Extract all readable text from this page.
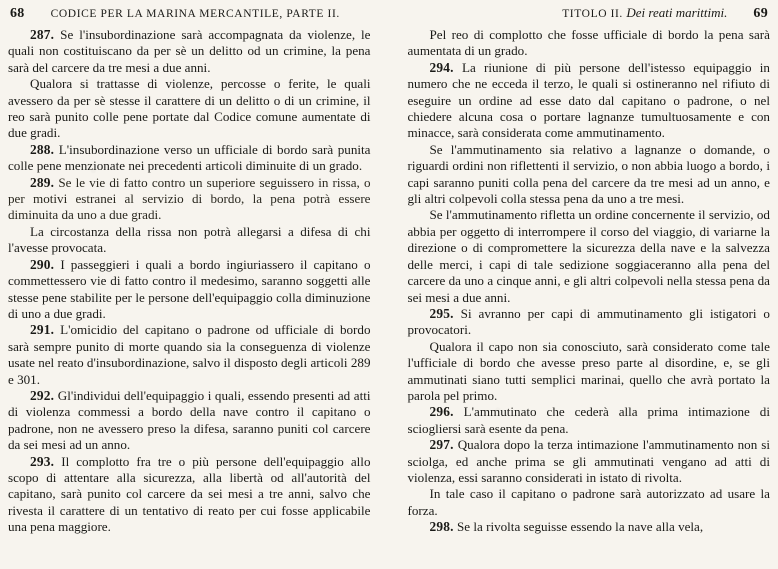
68 CODICE PER LA MARINA MERCANTILE, PARTE II.	TITOLO II. Dei reati marittimi. 69

287. Se l'insubordinazione sarà accompagnata da violenze, le quali non costituiscano da per sè un delitto od un crimine, la pena sarà del carcere da tre mesi a due anni.

Qualora si trattasse di violenze, percosse o ferite, le quali avessero da per sè stesse il carattere di un delitto o di un crimine, il reo sarà punito colle pene portate dal Codice comune aumentate di due gradi.

288. L'insubordinazione verso un ufficiale di bordo sarà punita colle pene menzionate nei precedenti articoli diminuite di un grado.

289. Se le vie di fatto contro un superiore seguissero in rissa, o per motivi estranei al servizio di bordo, la pena potrà essere diminuita da uno a due gradi.

La circostanza della rissa non potrà allegarsi a difesa di chi l'avesse provocata.

290. I passeggieri i quali a bordo ingiuriassero il capitano o commettessero vie di fatto contro il medesimo, saranno soggetti alle stesse pene stabilite per le persone dell'equipaggio colla diminuzione di uno a due gradi.

291. L'omicidio del capitano o padrone od ufficiale di bordo sarà sempre punito di morte quando sia la conseguenza di violenze usate nel reato d'insubordinazione, salvo il disposto degli articoli 289 e 301.

292. Gl'individui dell'equipaggio i quali, essendo presenti ad atti di violenza commessi a bordo della nave contro il capitano o padrone, non ne avessero preso la difesa, saranno puniti col carcere da sei mesi ad un anno.

293. Il complotto fra tre o più persone dell'equipaggio allo scopo di attentare alla sicurezza, alla libertà od all'autorità del capitano, sarà punito col carcere da sei mesi a tre anni, salvo che rivesta il carattere di un tentativo di reato per cui fosse applicabile una pena maggiore.

Pel reo di complotto che fosse ufficiale di bordo la pena sarà aumentata di un grado.

294. La riunione di più persone dell'istesso equipaggio in numero che ne ecceda il terzo, le quali si ostineranno nel rifiuto di eseguire un ordine ad esse dato dal capitano o padrone, o nel chiedere alcuna cosa o portare lagnanze tumultuosamente e con minacce, sarà considerata come ammutinamento.

Se l'ammutinamento sia relativo a lagnanze o domande, o riguardi ordini non riflettenti il servizio, o non abbia luogo a bordo, i capi saranno puniti colla pena del carcere da tre mesi ad un anno, e gli altri colpevoli colla stessa pena da uno a tre mesi.

Se l'ammutinamento rifletta un ordine concernente il servizio, od abbia per oggetto di interrompere il corso del viaggio, di variarne la direzione o di compromettere la sicurezza della nave e la salvezza delle merci, i capi di tale sedizione soggiaceranno alla pena del carcere da uno a cinque anni, e gli altri colpevoli nella stessa pena da sei mesi a due anni.

295. Si avranno per capi di ammutinamento gli istigatori o provocatori.

Qualora il capo non sia conosciuto, sarà considerato come tale l'ufficiale di bordo che avesse preso parte al disordine, e, se gli ammutinati siano tutti semplici marinai, quello che avrà portato la parola pel primo.

296. L'ammutinato che cederà alla prima intimazione di sciogliersi sarà esente da pena.

297. Qualora dopo la terza intimazione l'ammutinamento non si sciolga, ed anche prima se gli ammutinati vengano ad atti di violenza, essi saranno considerati in istato di rivolta.

In tale caso il capitano o padrone sarà autorizzato ad usare la forza.

298. Se la rivolta seguisse essendo la nave alla vela,
